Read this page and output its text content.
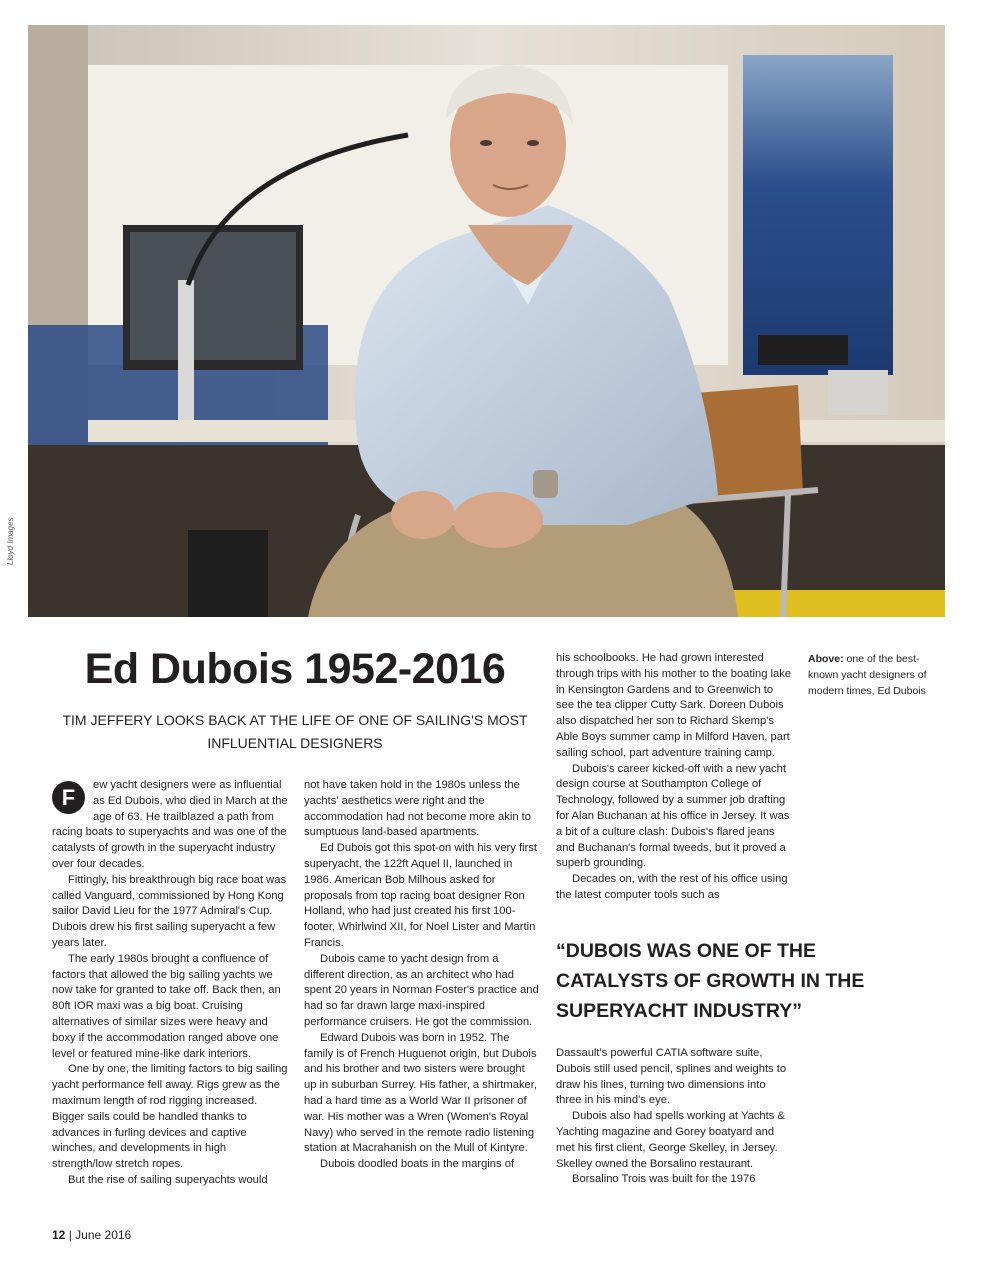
Lloyd Images
Ed Dubois 1952-2016

TIM JEFFERY LOOKS BACK AT THE LIFE OF ONE OF SAILING'S MOST INFLUENTIAL DESIGNERS

F	ew yacht designers were as influential as Ed Dubois, who died in March at the age of 63. He trailblazed a path from racing boats to superyachts and was one of the catalysts of growth in the superyacht industry over four decades.

Fittingly, his breakthrough big race boat was called Vanguard, commissioned by Hong Kong sailor David Lieu for the 1977 Admiral's Cup. Dubois drew his first sailing superyacht a few years later.

The early 1980s brought a confluence of factors that allowed the big sailing yachts we now take for granted to take off. Back then, an 80ft IOR maxi was a big boat. Cruising alternatives of similar sizes were heavy and boxy if the accommodation ranged above one level or featured mine-like dark interiors.

One by one, the limiting factors to big sailing yacht performance fell away. Rigs grew as the maximum length of rod rigging increased. Bigger sails could be handled thanks to advances in furling devices and captive winches, and developments in high strength/low stretch ropes.

But the rise of sailing superyachts would

not have taken hold in the 1980s unless the yachts' aesthetics were right and the accommodation had not become more akin to sumptuous land-based apartments.

Ed Dubois got this spot-on with his very first superyacht, the 122ft Aquel II, launched in 1986. American Bob Milhous asked for proposals from top racing boat designer Ron Holland, who had just created his first 100-footer, Whirlwind XII, for Noel Lister and Martin Francis.

Dubois came to yacht design from a different direction, as an architect who had spent 20 years in Norman Foster's practice and had so far drawn large maxi-inspired performance cruisers. He got the commission.

Edward Dubois was born in 1952. The family is of French Huguenot origin, but Dubois and his brother and two sisters were brought up in suburban Surrey. His father, a shirtmaker, had a hard time as a World War II prisoner of war. His mother was a Wren (Women's Royal Navy) who served in the remote radio listening station at Macrahanish on the Mull of Kintyre.

Dubois doodled boats in the margins of

his schoolbooks. He had grown interested through trips with his mother to the boating lake in Kensington Gardens and to Greenwich to see the tea clipper Cutty Sark. Doreen Dubois also dispatched her son to Richard Skemp's Able Boys summer camp in Milford Haven, part sailing school, part adventure training camp.

Dubois's career kicked-off with a new yacht design course at Southampton College of Technology, followed by a summer job drafting for Alan Buchanan at his office in Jersey. It was a bit of a culture clash: Dubois's flared jeans and Buchanan's formal tweeds, but it proved a superb grounding.

Decades on, with the rest of his office using the latest computer tools such as

“DUBOIS WAS ONE OF THE CATALYSTS OF GROWTH IN THE SUPERYACHT INDUSTRY”

Dassault's powerful CATIA software suite, Dubois still used pencil, splines and weights to draw his lines, turning two dimensions into three in his mind's eye.

Dubois also had spells working at Yachts & Yachting magazine and Gorey boatyard and met his first client, George Skelley, in Jersey. Skelley owned the Borsalino restaurant.

Borsalino Trois was built for the 1976

Above: one of the best-known yacht designers of modern times, Ed Dubois
12 | June 2016
